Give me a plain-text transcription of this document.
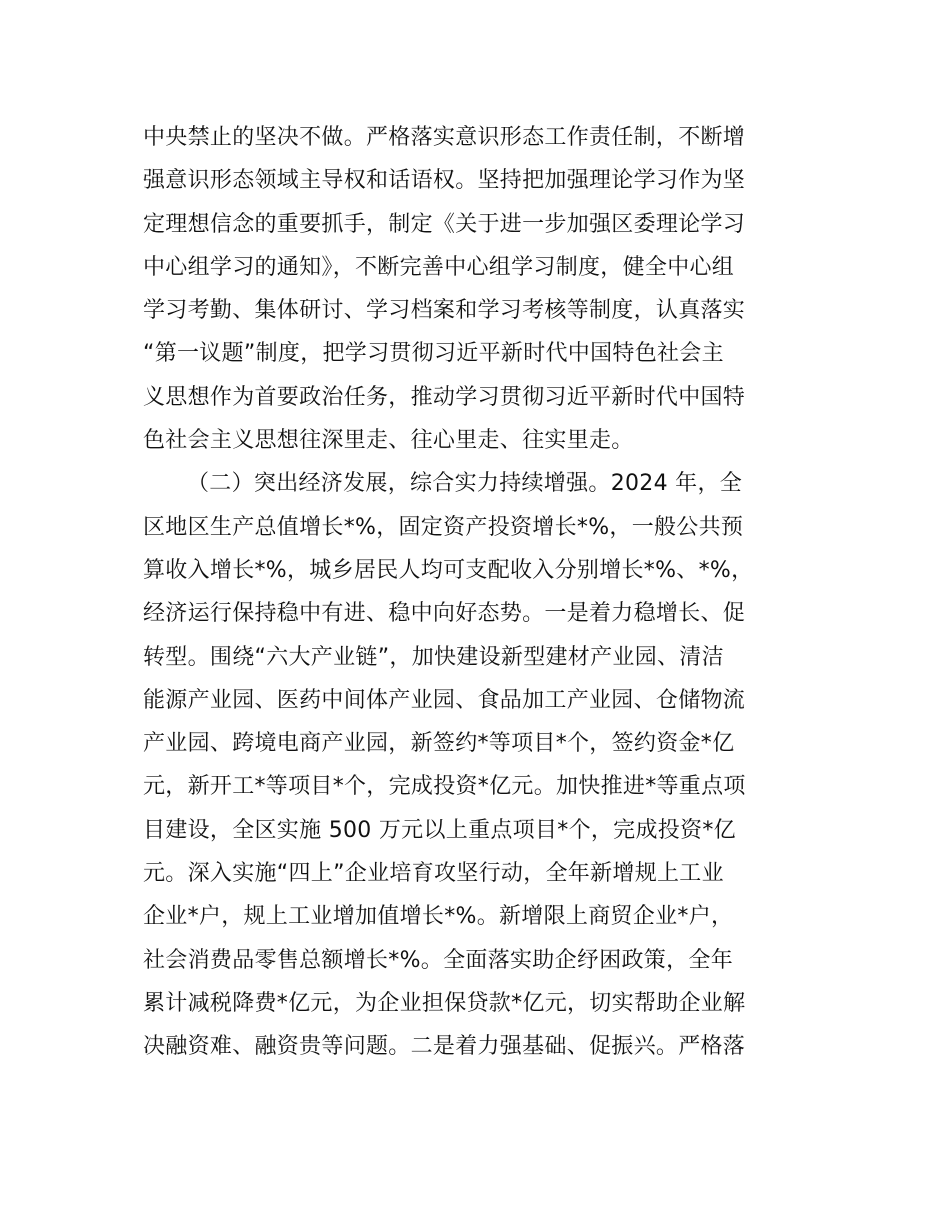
中央禁止的坚决不做。严格落实意识形态工作责任制，不断增
强意识形态领域主导权和话语权。坚持把加强理论学习作为坚
定理想信念的重要抓手，制定《关于进一步加强区委理论学习
中心组学习的通知》，不断完善中心组学习制度，健全中心组
学习考勤、集体研讨、学习档案和学习考核等制度，认真落实
“第一议题”制度，把学习贯彻习近平新时代中国特色社会主
义思想作为首要政治任务，推动学习贯彻习近平新时代中国特
色社会主义思想往深里走、往心里走、往实里走。
（二）突出经济发展，综合实力持续增强。2024 年，全
区地区生产总值增长*%，固定资产投资增长*%，一般公共预
算收入增长*%，城乡居民人均可支配收入分别增长*%、*%，
经济运行保持稳中有进、稳中向好态势。一是着力稳增长、促
转型。围绕“六大产业链”，加快建设新型建材产业园、清洁
能源产业园、医药中间体产业园、食品加工产业园、仓储物流
产业园、跨境电商产业园，新签约*等项目*个，签约资金*亿
元，新开工*等项目*个，完成投资*亿元。加快推进*等重点项
目建设，全区实施 500 万元以上重点项目*个，完成投资*亿
元。深入实施“四上”企业培育攻坚行动，全年新增规上工业
企业*户，规上工业增加值增长*%。新增限上商贸企业*户，
社会消费品零售总额增长*%。全面落实助企纾困政策，全年
累计减税降费*亿元，为企业担保贷款*亿元，切实帮助企业解
决融资难、融资贵等问题。二是着力强基础、促振兴。严格落
